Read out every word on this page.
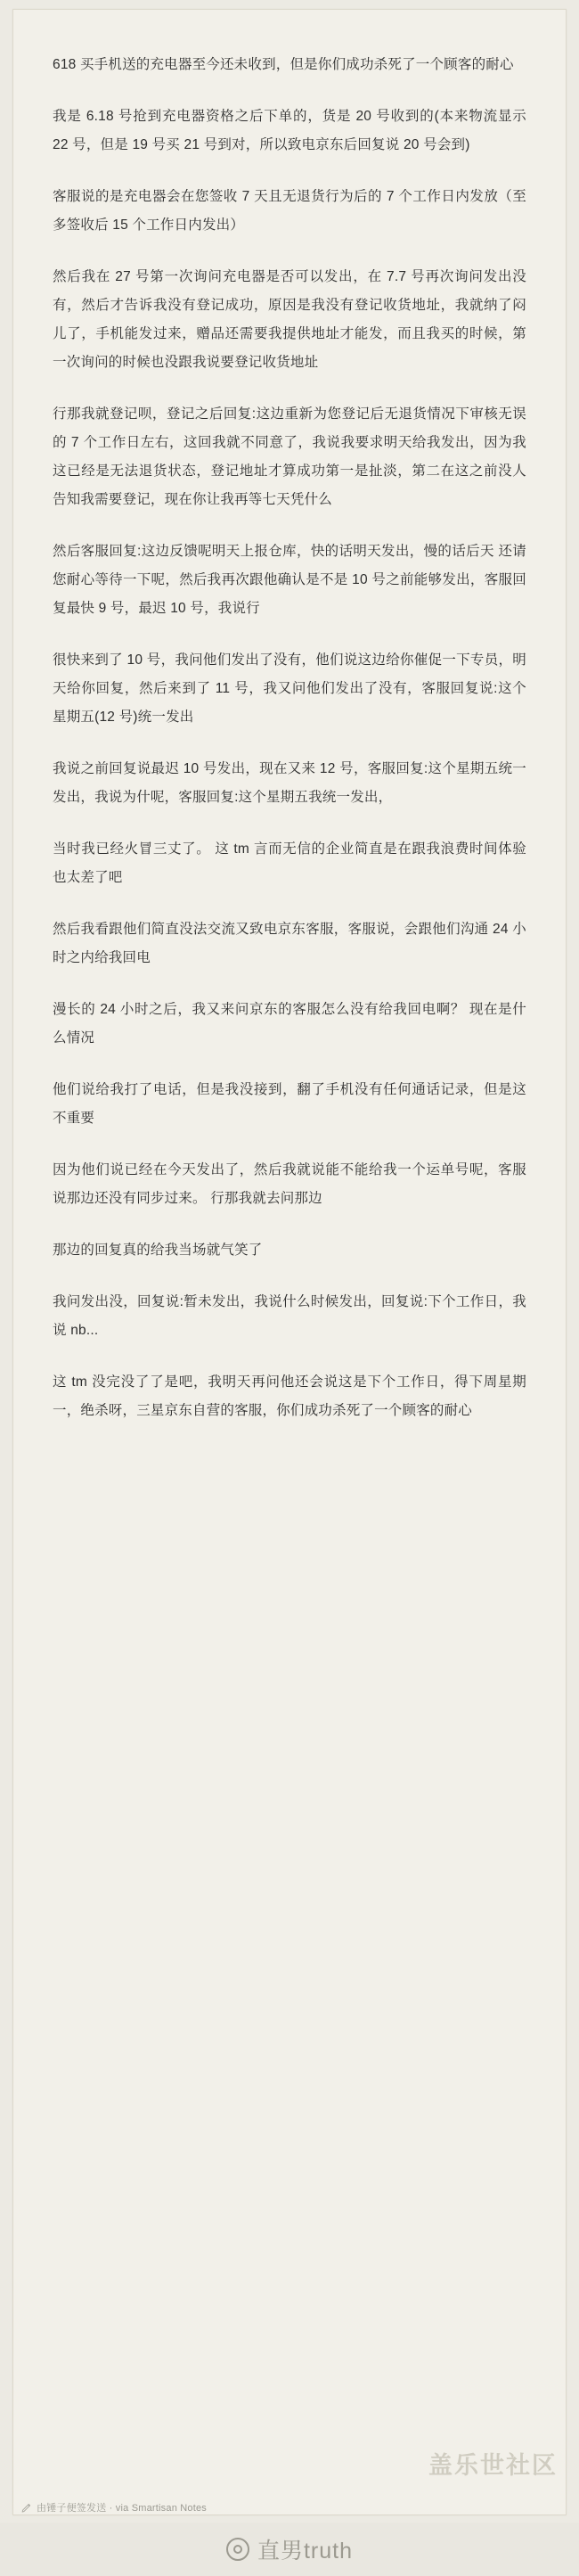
618 买手机送的充电器至今还未收到，但是你们成功杀死了一个顾客的耐心

我是 6.18 号抢到充电器资格之后下单的，货是 20 号收到的(本来物流显示 22 号，但是 19 号买 21 号到对，所以致电京东后回复说 20 号会到)

客服说的是充电器会在您签收 7 天且无退货行为后的 7 个工作日内发放（至多签收后 15 个工作日内发出）

然后我在 27 号第一次询问充电器是否可以发出，在 7.7 号再次询问发出没有，然后才告诉我没有登记成功，原因是我没有登记收货地址，我就纳了闷儿了，手机能发过来，赠品还需要我提供地址才能发，而且我买的时候，第一次询问的时候也没跟我说要登记收货地址

行那我就登记呗，登记之后回复:这边重新为您登记后无退货情况下审核无误的 7 个工作日左右，这回我就不同意了，我说我要求明天给我发出，因为我这已经是无法退货状态，登记地址才算成功第一是扯淡，第二在这之前没人告知我需要登记，现在你让我再等七天凭什么

然后客服回复:这边反馈呢明天上报仓库，快的话明天发出，慢的话后天 还请您耐心等待一下呢，然后我再次跟他确认是不是 10 号之前能够发出，客服回复最快 9 号，最迟 10 号，我说行

很快来到了 10 号，我问他们发出了没有，他们说这边给你催促一下专员，明天给你回复，然后来到了 11 号，我又问他们发出了没有，客服回复说:这个星期五(12 号)统一发出

我说之前回复说最迟 10 号发出，现在又来 12 号，客服回复:这个星期五统一发出，我说为什呢，客服回复:这个星期五我统一发出，

当时我已经火冒三丈了。 这 tm 言而无信的企业简直是在跟我浪费时间体验也太差了吧

然后我看跟他们简直没法交流又致电京东客服，客服说，会跟他们沟通 24 小时之内给我回电

漫长的 24 小时之后，我又来问京东的客服怎么没有给我回电啊？ 现在是什么情况

他们说给我打了电话，但是我没接到，翻了手机没有任何通话记录，但是这不重要

因为他们说已经在今天发出了，然后我就说能不能给我一个运单号呢，客服说那边还没有同步过来。 行那我就去问那边

那边的回复真的给我当场就气笑了

我问发出没，回复说:暂未发出，我说什么时候发出，回复说:下个工作日，我说 nb...

这 tm 没完没了了是吧，我明天再问他还会说这是下个工作日，得下周星期一，绝杀呀，三星京东自营的客服，你们成功杀死了一个顾客的耐心

盖乐世社区
由锤子便签发送 · via Smartisan Notes
直男truth
